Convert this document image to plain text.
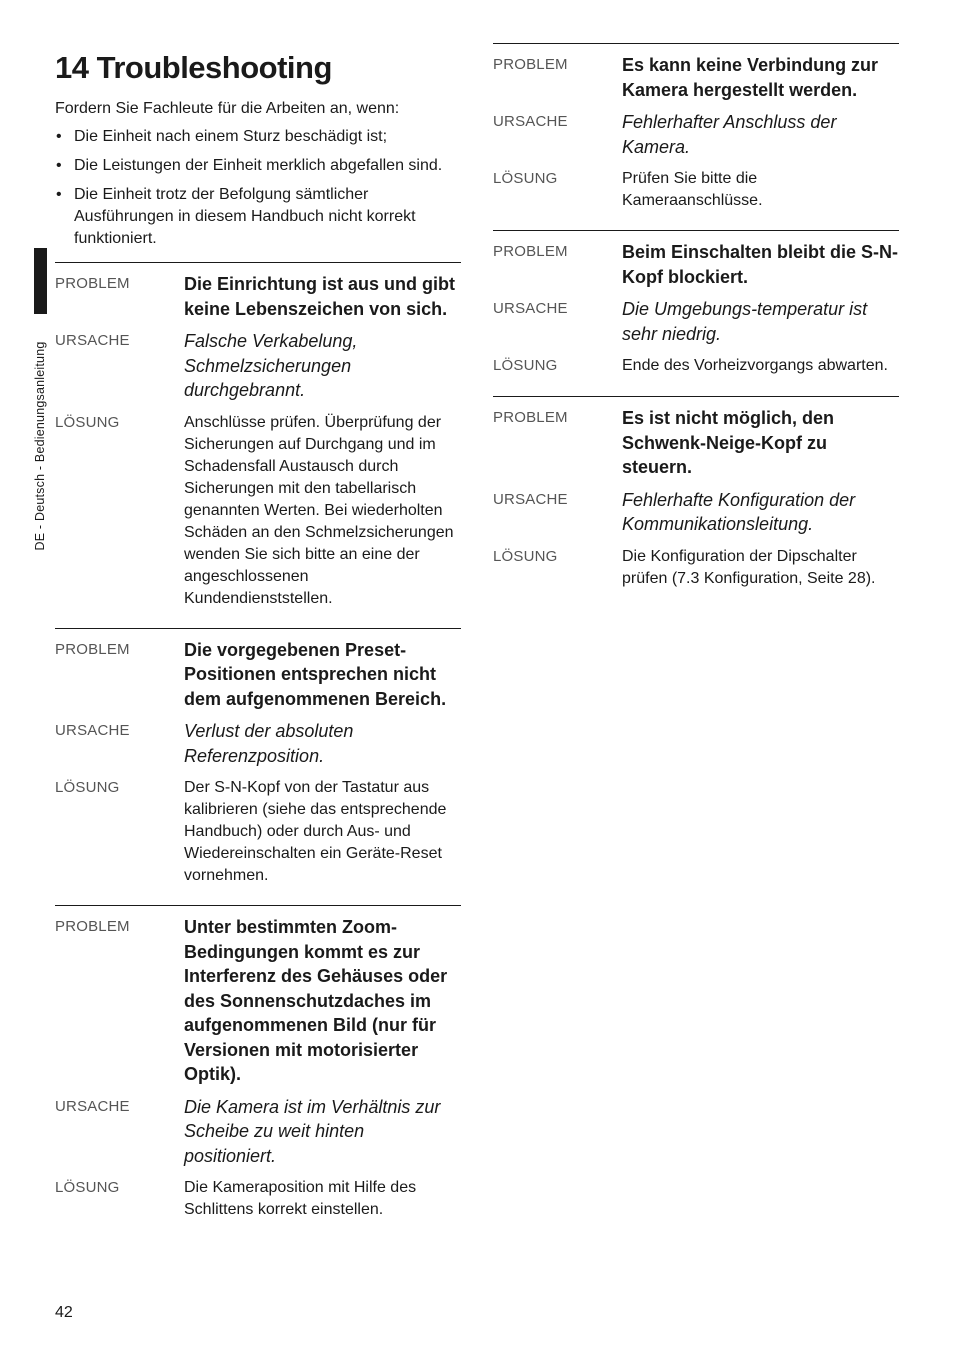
DE - Deutsch - Bedienungsanleitung
14 Troubleshooting

Fordern Sie Fachleute für die Arbeiten an, wenn:

• Die Einheit nach einem Sturz beschädigt ist;
• Die Leistungen der Einheit merklich abgefallen sind.
• Die Einheit trotz der Befolgung sämtlicher Ausführungen in diesem Handbuch nicht korrekt funktioniert.
PROBLEM	Die Einrichtung ist aus und gibt keine Lebenszeichen von sich.
URSACHE	Falsche Verkabelung, Schmelzsicherungen durchgebrannt.
LÖSUNG	Anschlüsse prüfen. Überprüfung der Sicherungen auf Durchgang und im Schadensfall Austausch durch Sicherungen mit den tabellarisch genannten Werten. Bei wiederholten Schäden an den Schmelzsicherungen wenden Sie sich bitte an eine der angeschlossenen Kundendienststellen.
PROBLEM	Die vorgegebenen Preset-Positionen entsprechen nicht dem aufgenommenen Bereich.
URSACHE	Verlust der absoluten Referenzposition.
LÖSUNG	Der S-N-Kopf von der Tastatur aus kalibrieren (siehe das entsprechende Handbuch) oder durch Aus- und Wiedereinschalten ein Geräte-Reset vornehmen.
PROBLEM	Unter bestimmten Zoom-Bedingungen kommt es zur Interferenz des Gehäuses oder des Sonnenschutzdaches im aufgenommenen Bild (nur für Versionen mit motorisierter Optik).
URSACHE	Die Kamera ist im Verhältnis zur Scheibe zu weit hinten positioniert.
LÖSUNG	Die Kameraposition mit Hilfe des Schlittens korrekt einstellen.
PROBLEM	Es kann keine Verbindung zur Kamera hergestellt werden.
URSACHE	Fehlerhafter Anschluss der Kamera.
LÖSUNG	Prüfen Sie bitte die Kameraanschlüsse.
PROBLEM	Beim Einschalten bleibt die S-N-Kopf blockiert.
URSACHE	Die Umgebungs-temperatur ist sehr niedrig.
LÖSUNG	Ende des Vorheizvorgangs abwarten.
PROBLEM	Es ist nicht möglich, den Schwenk-Neige-Kopf zu steuern.
URSACHE	Fehlerhafte Konfiguration der Kommunikationsleitung.
LÖSUNG	Die Konfiguration der Dipschalter prüfen (7.3 Konfiguration, Seite 28).
42
